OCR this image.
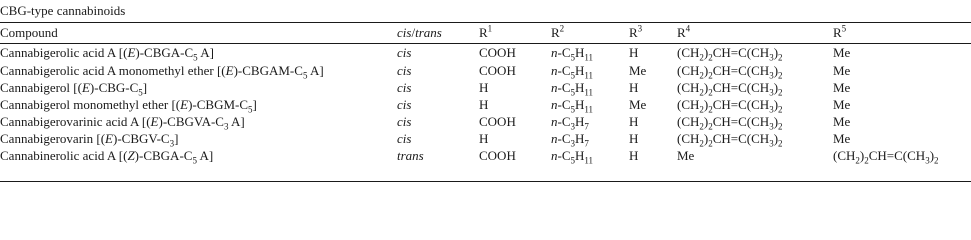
CBG-type cannabinoids
Compound	cis/trans	$R^1$	$R^2$	$R^3$	$R^4$	$R^5$
Cannabigerolic acid A [$(E)-CBGA-C_5$ A]	cis	COOH	$n-C_5H_{11}$	H	$(CH_2)_2CH​=​C(CH_3)_2$	Me
Cannabigerolic acid A monomethyl ether [$(E)-CBGAM-C_5$ A]	cis	COOH	$n-C_5H_{11}$	Me	$(CH_2)_2CH​=​C(CH_3)_2$	Me
Cannabigerol $[(E)-CBG-C_5]$	cis	H	$n-C_5H_{11}$	H	$(CH_2)_2CH​=​C(CH_3)_2$	Me
Cannabigerol monomethyl ether $[(E)-CBGM-C_5]$	cis	H	$n-C_5H_{11}$	Me	$(CH_2)_2CH​=​C(CH_3)_2$	Me
Cannabigerovarinic acid A [$(E)-CBGVA-C_3$ A]	cis	COOH	$n-C_3H_7$	H	$(CH_2)_2CH​=​C(CH_3)_2$	Me
Cannabigerovarin $[(E)-CBGV-C_3]$	cis	H	$n-C_3H_7$	H	$(CH_2)_2CH​=​C(CH_3)_2$	Me
Cannabinerolic acid A [$(Z)-CBGA-C_5$ A]	trans	COOH	$n-C_5H_{11}$	H	Me	$(CH_2)_2CH​=​C(CH_3)_2$
